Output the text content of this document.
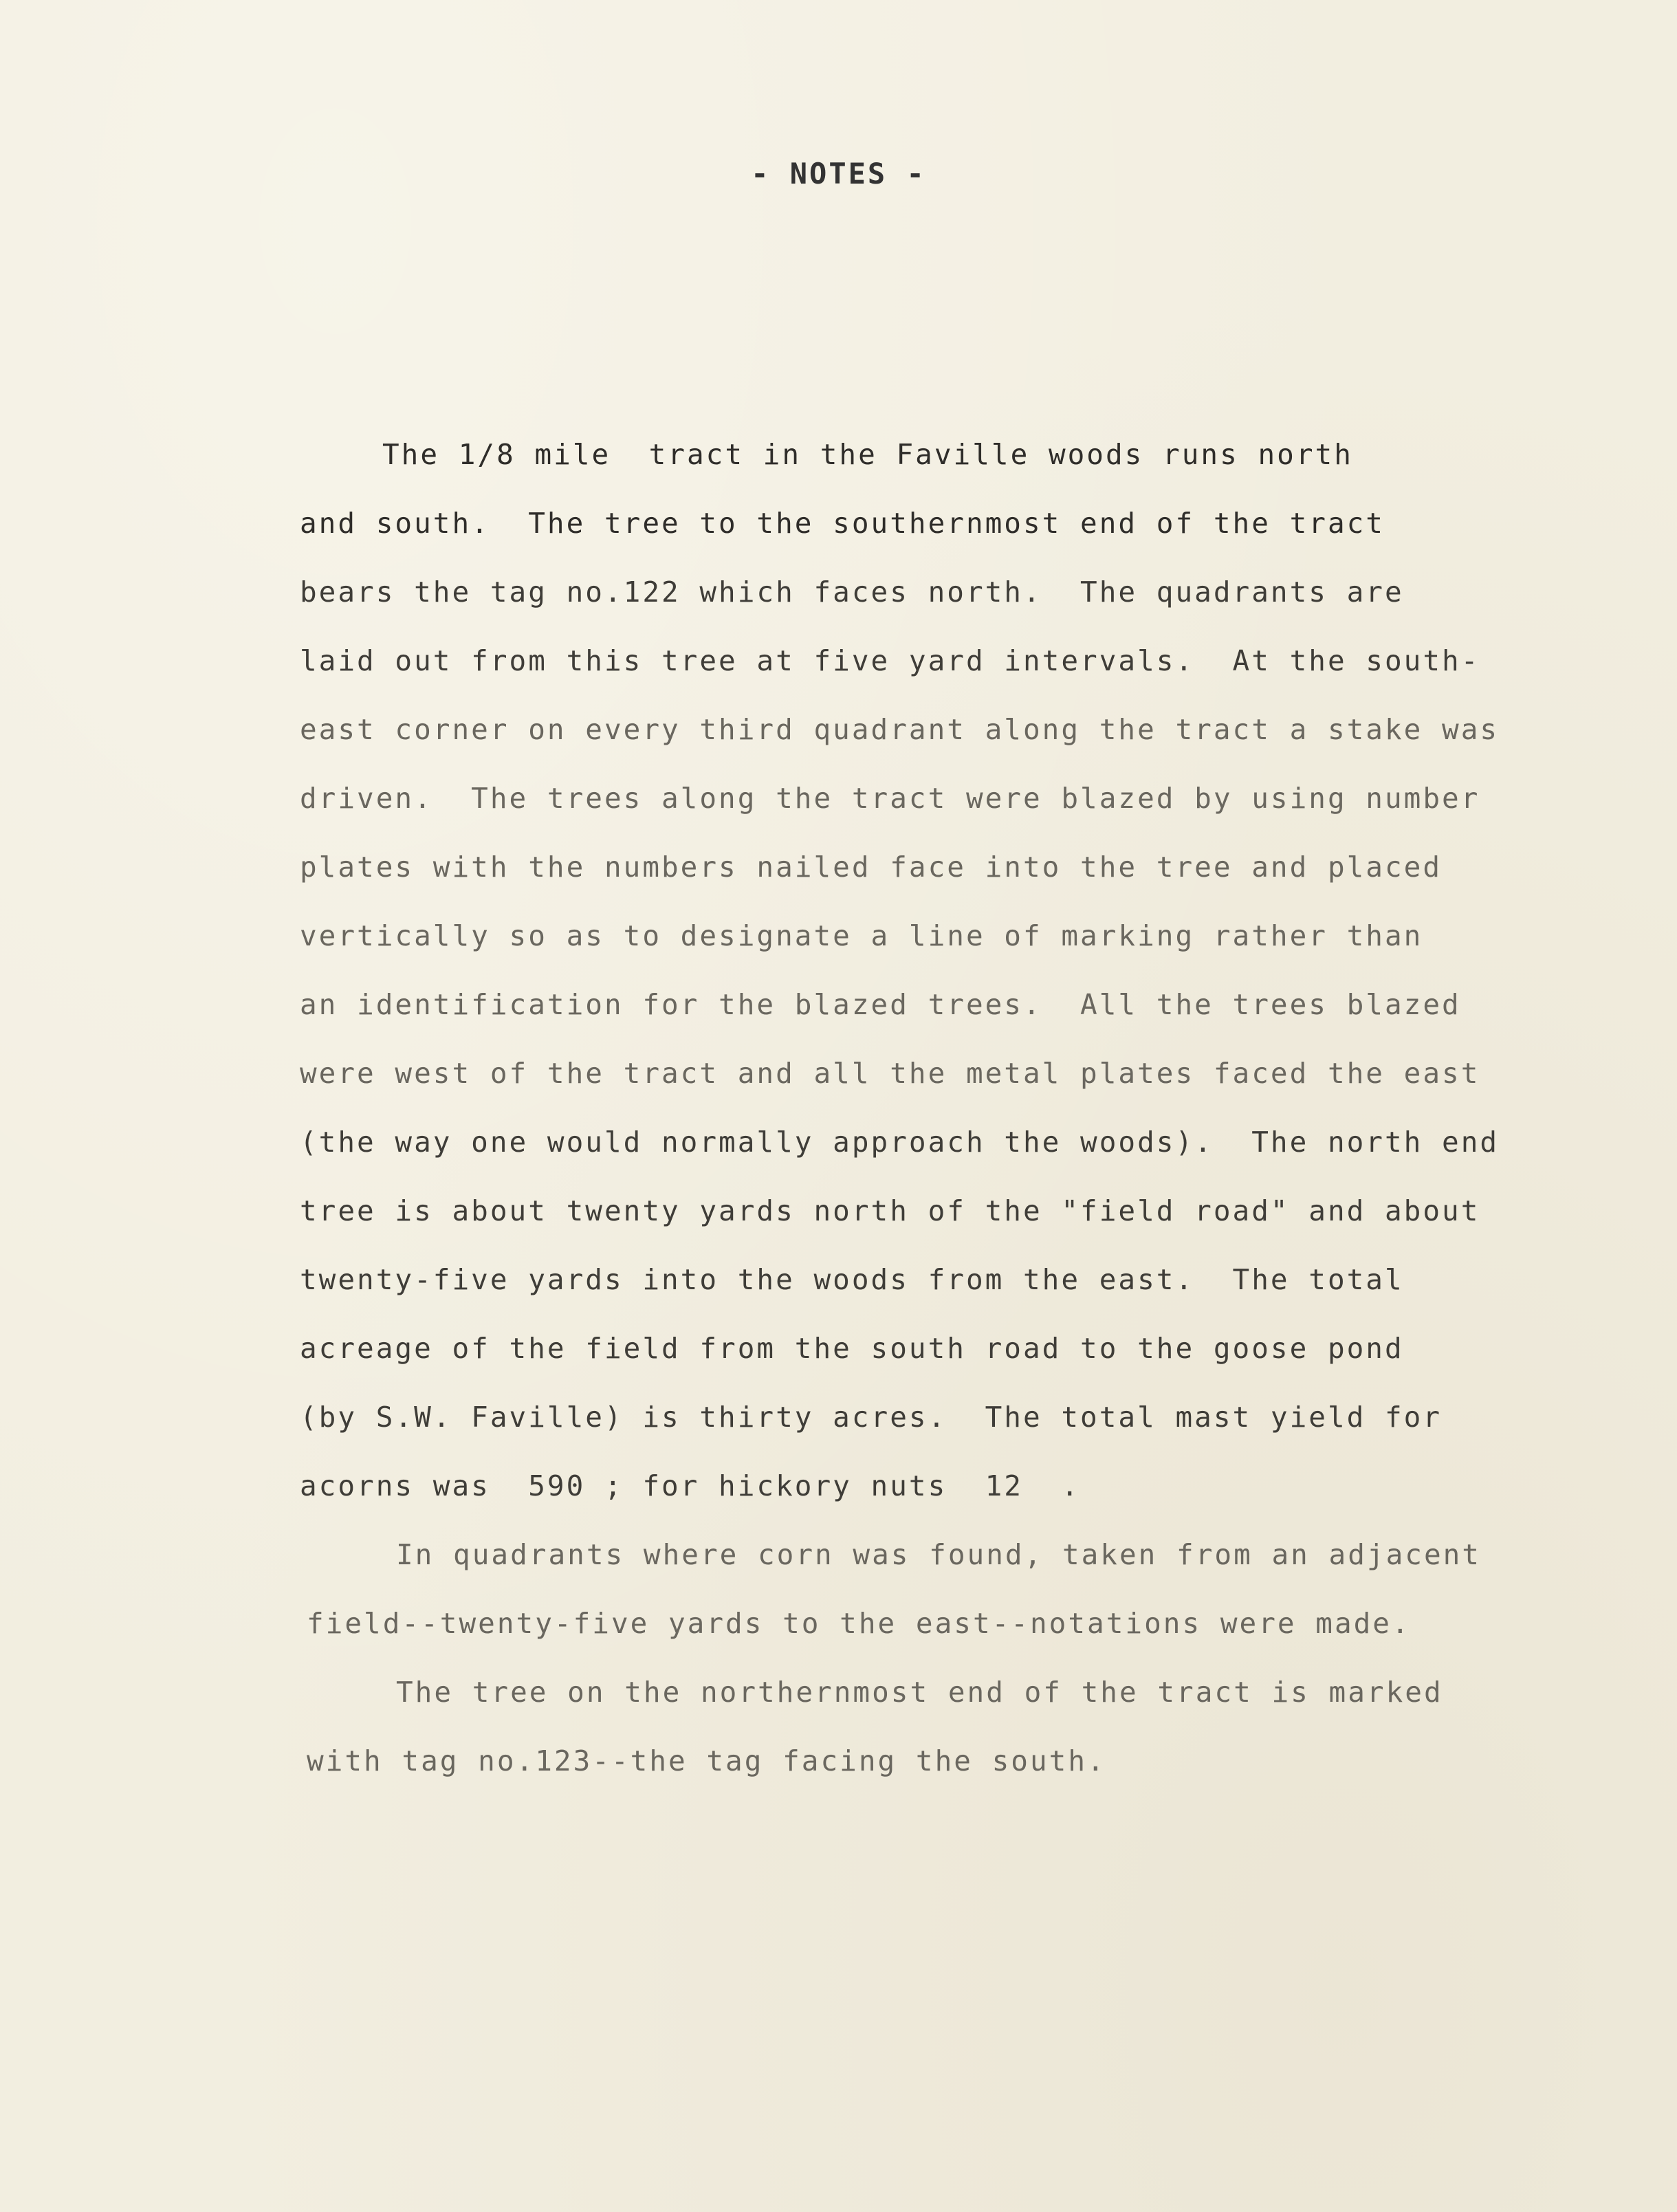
- NOTES -
The 1/8 mile  tract in the Faville woods runs north
and south.  The tree to the southernmost end of the tract
bears the tag no.122 which faces north.  The quadrants are
laid out from this tree at five yard intervals.  At the south-
east corner on every third quadrant along the tract a stake was
driven.  The trees along the tract were blazed by using number
plates with the numbers nailed face into the tree and placed
vertically so as to designate a line of marking rather than
an identification for the blazed trees.  All the trees blazed
were west of the tract and all the metal plates faced the east
(the way one would normally approach the woods).  The north end
tree is about twenty yards north of the "field road" and about
twenty-five yards into the woods from the east.  The total
acreage of the field from the south road to the goose pond
(by S.W. Faville) is thirty acres.  The total mast yield for
acorns was  590 ; for hickory nuts  12  .
In quadrants where corn was found, taken from an adjacent
field--twenty-five yards to the east--notations were made.
The tree on the northernmost end of the tract is marked
with tag no.123--the tag facing the south.
